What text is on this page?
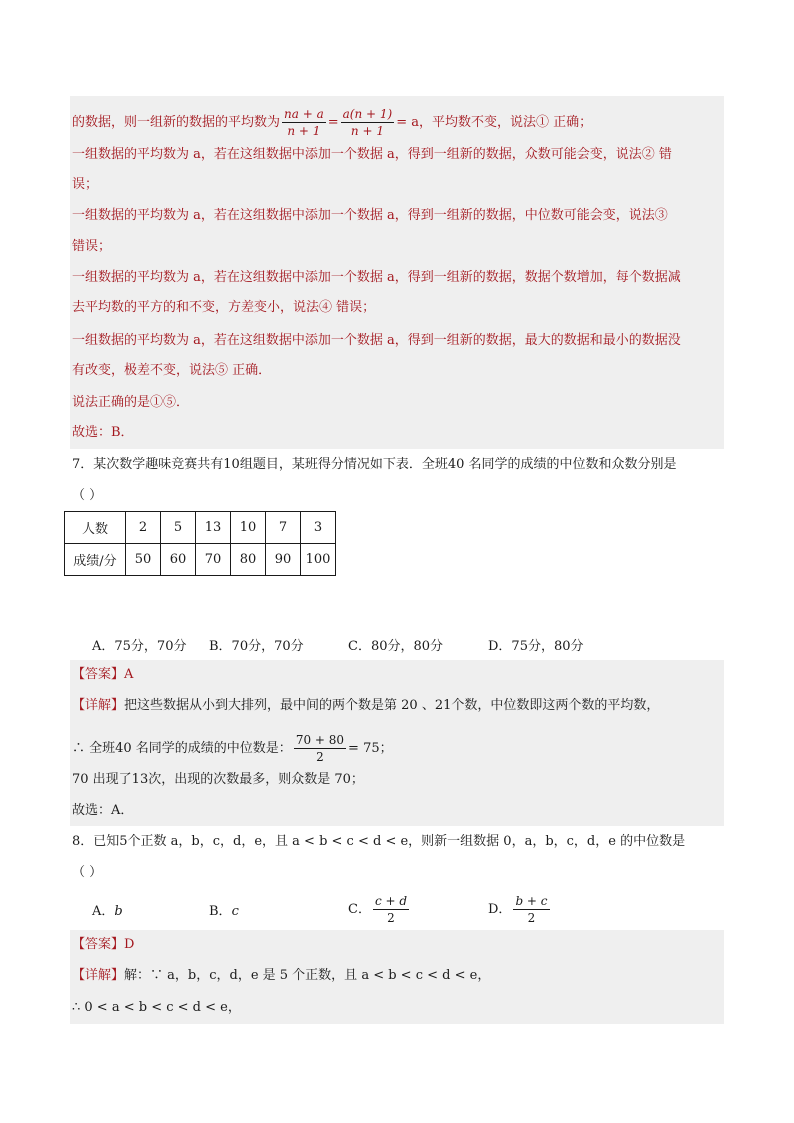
的数据，则一组新的数据的平均数为 $\frac{na + a}{n + 1} = \frac{a(n + 1)}{n + 1} = a$，平均数不变，说法① 正确；
一组数据的平均数为 a，若在这组数据中添加一个数据 a，得到一组新的数据，众数可能会变，说法② 错
误；
一组数据的平均数为 a，若在这组数据中添加一个数据 a，得到一组新的数据，中位数可能会变，说法③
错误；
一组数据的平均数为 a，若在这组数据中添加一个数据 a，得到一组新的数据，数据个数增加，每个数据减
去平均数的平方的和不变，方差变小，说法④ 错误；
一组数据的平均数为 a，若在这组数据中添加一个数据 a，得到一组新的数据，最大的数据和最小的数据没
有改变，极差不变，说法⑤ 正确．
说法正确的是①⑤．
故选：B．
7．某次数学趣味竞赛共有10组题目，某班得分情况如下表．全班40 名同学的成绩的中位数和众数分别是
（ ）
人数	2	5	13	10	7	3
成绩/分	50	60	70	80	90	100
A．75分，70分 B．70分，70分	C．80分，80分	D．75分，80分
【答案】A
【详解】把这些数据从小到大排列，最中间的两个数是第 20 、21个数，中位数即这两个数的平均数，
∴ 全班40 名同学的成绩的中位数是： $\frac{70 + 80}{2} = 75$；
70 出现了13次，出现的次数最多，则众数是 70；
故选：A．
8．已知5个正数 a，b，c，d，e，且 a < b < c < d < e，则新一组数据 0，a，b，c，d，e 的中位数是
（ ）
A．b	B．c	C． $\frac{c + d}{2}$	D． $\frac{b + c}{2}$
【答案】D
【详解】解：∵ a，b，c，d，e 是 5 个正数，且 a < b < c < d < e，
∴ 0 < a < b < c < d < e，
